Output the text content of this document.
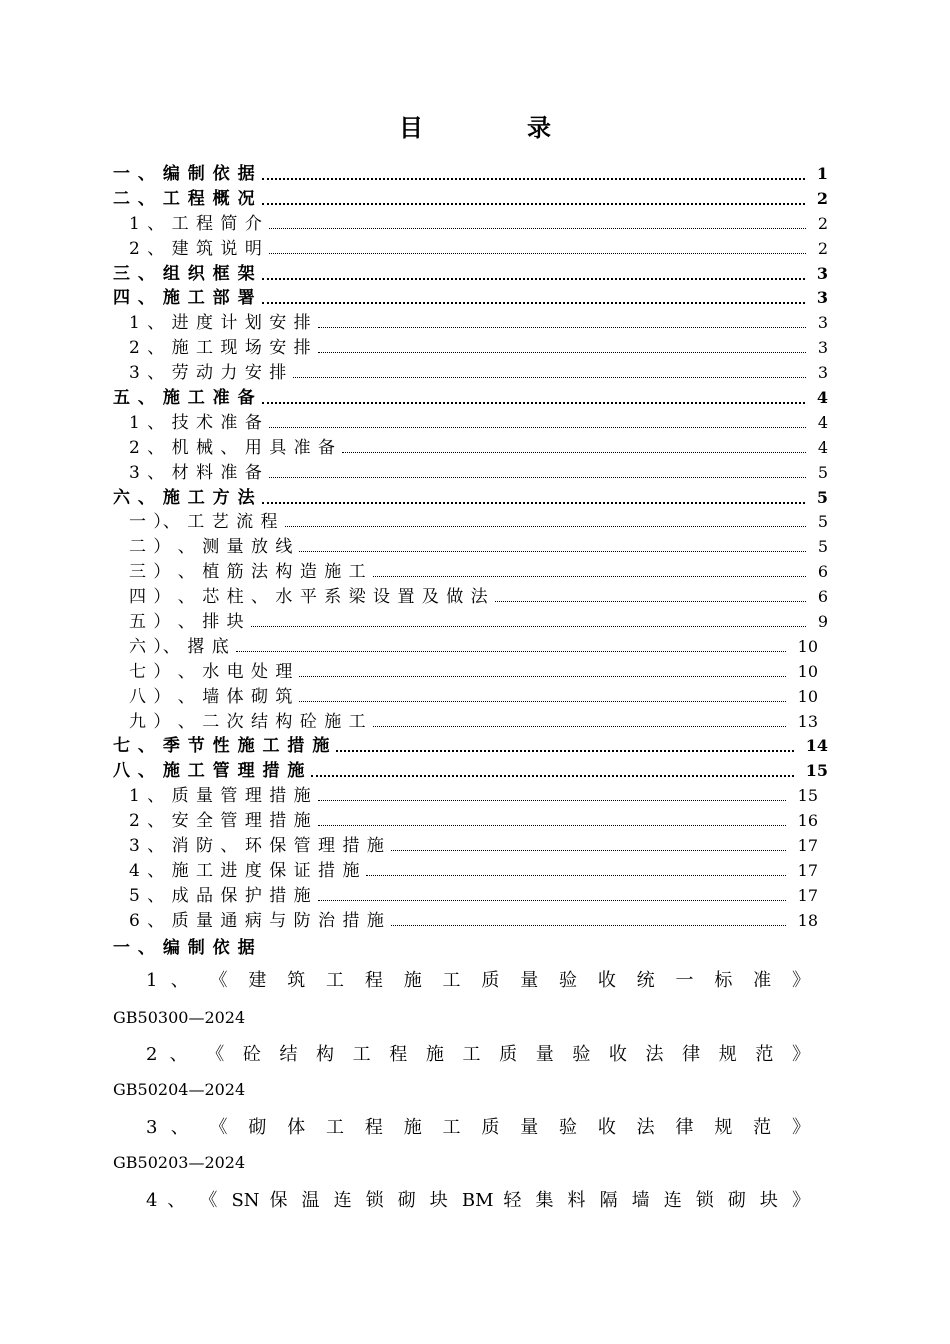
目　录
一 、 编 制 依 据	1
二 、 工 程 概 况	2
1 、 工 程 简 介	2
2 、 建 筑 说 明	2
三 、 组 织 框 架	3
四 、 施 工 部 署	3
1 、 进 度 计 划 安 排	3
2 、 施 工 现 场 安 排	3
3 、 劳 动 力 安 排	3
五 、 施 工 准 备	4
1 、 技 术 准 备	4
2 、 机 械 、 用 具 准 备	4
3 、 材 料 准 备	5
六 、 施 工 方 法	5
一 ）、 工 艺 流 程	5
二 ） 、 测 量 放 线	5
三 ） 、 植 筋 法 构 造 施 工	6
四 ） 、 芯 柱 、 水 平 系 梁 设 置 及 做 法	6
五 ） 、 排 块	9
六 ）、 撂 底	10
七 ） 、 水 电 处 理	10
八 ） 、 墙 体 砌 筑	10
九 ） 、 二 次 结 构 砼 施 工	13
七 、 季 节 性 施 工 措 施	14
八 、 施 工 管 理 措 施	15
1 、 质 量 管 理 措 施	15
2 、 安 全 管 理 措 施	16
3 、 消 防 、 环 保 管 理 措 施	17
4 、 施 工 进 度 保 证 措 施	17
5 、 成 品 保 护 措 施	17
6 、 质 量 通 病 与 防 治 措 施	18
一 、 编 制 依 据
1 、 《 建 筑 工 程 施 工 质 量 验 收 统 一 标 准 》
GB50300—2024
2 、 《 砼 结 构 工 程 施 工 质 量 验 收 法 律 规 范 》
GB50204—2024
3 、 《 砌 体 工 程 施 工 质 量 验 收 法 律 规 范 》
GB50203—2024
4 、 《 SN 保 温 连 锁 砌 块 BM 轻 集 料 隔 墙 连 锁 砌 块 》
